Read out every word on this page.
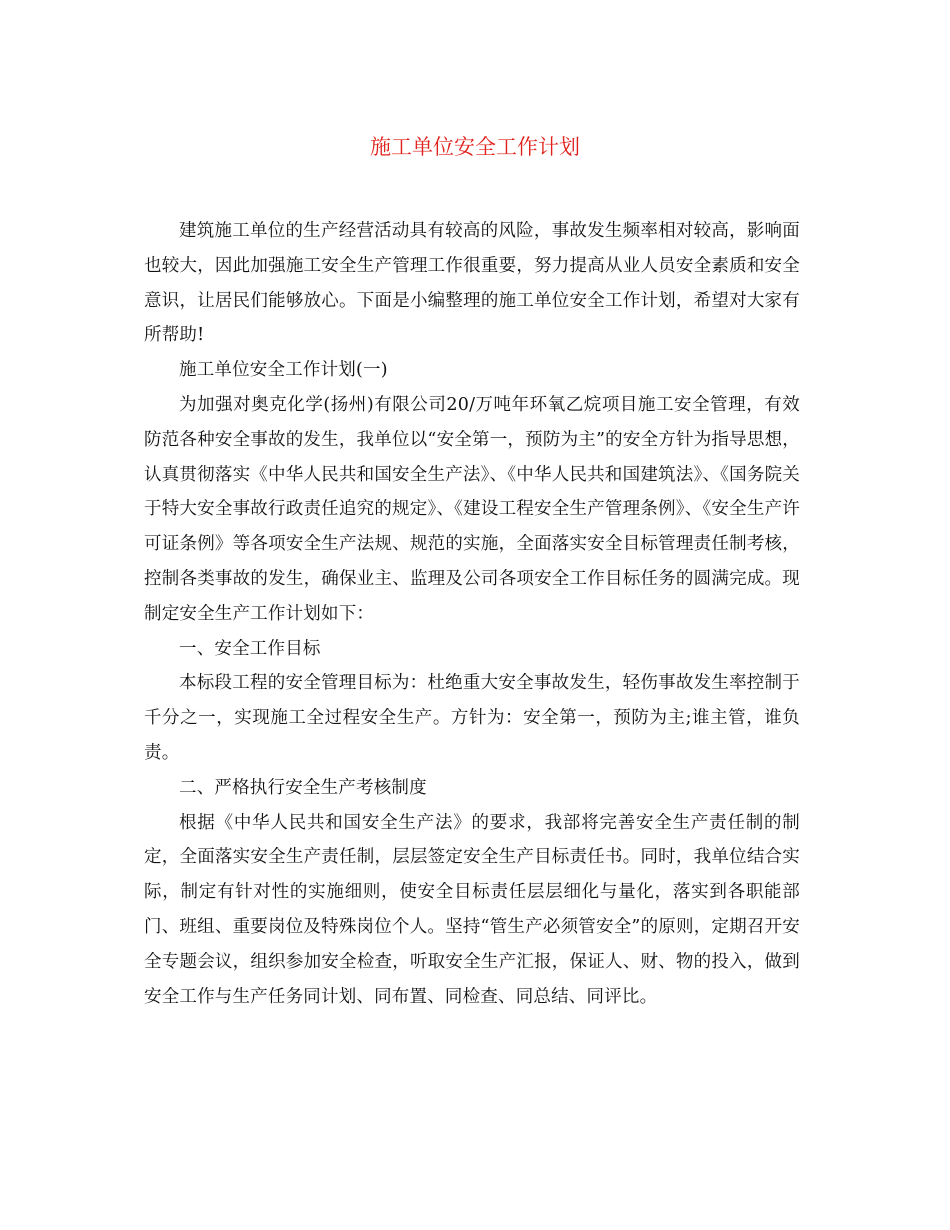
施工单位安全工作计划

建筑施工单位的生产经营活动具有较高的风险，事故发生频率相对较高，影响面也较大，因此加强施工安全生产管理工作很重要，努力提高从业人员安全素质和安全意识，让居民们能够放心。下面是小编整理的施工单位安全工作计划，希望对大家有所帮助!

施工单位安全工作计划(一)

为加强对奥克化学(扬州)有限公司20/万吨年环氧乙烷项目施工安全管理，有效防范各种安全事故的发生，我单位以“安全第一，预防为主”的安全方针为指导思想，认真贯彻落实《中华人民共和国安全生产法》、《中华人民共和国建筑法》、《国务院关于特大安全事故行政责任追究的规定》、《建设工程安全生产管理条例》、《安全生产许可证条例》等各项安全生产法规、规范的实施，全面落实安全目标管理责任制考核，控制各类事故的发生，确保业主、监理及公司各项安全工作目标任务的圆满完成。现制定安全生产工作计划如下：

一、安全工作目标

本标段工程的安全管理目标为：杜绝重大安全事故发生，轻伤事故发生率控制于千分之一，实现施工全过程安全生产。方针为：安全第一，预防为主;谁主管，谁负责。

二、严格执行安全生产考核制度

根据《中华人民共和国安全生产法》的要求，我部将完善安全生产责任制的制定，全面落实安全生产责任制，层层签定安全生产目标责任书。同时，我单位结合实际，制定有针对性的实施细则，使安全目标责任层层细化与量化，落实到各职能部门、班组、重要岗位及特殊岗位个人。坚持“管生产必须管安全”的原则，定期召开安全专题会议，组织参加安全检查，听取安全生产汇报，保证人、财、物的投入，做到安全工作与生产任务同计划、同布置、同检查、同总结、同评比。
